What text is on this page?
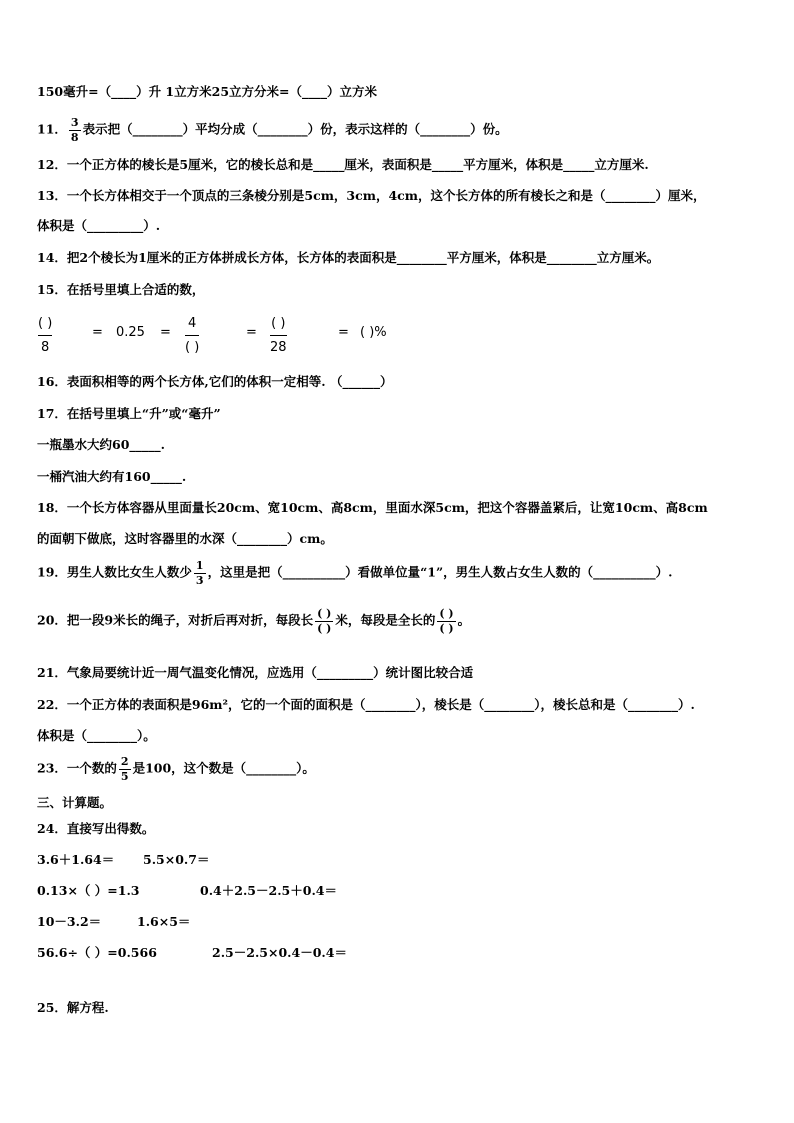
150毫升=（____）升 1立方米25立方分米=（____）立方米
11． $\frac{3}{8}$ 表示把（________）平均分成（________）份，表示这样的（________）份。
12．一个正方体的棱长是5厘米，它的棱长总和是_____厘米，表面积是_____平方厘米，体积是_____立方厘米.
13．一个长方体相交于一个顶点的三条棱分别是5cm，3cm，4cm，这个长方体的所有棱长之和是（________）厘米，
体积是（_________）.
14．把2个棱长为1厘米的正方体拼成长方体，长方体的表面积是________平方厘米，体积是________立方厘米。
15．在括号里填上合适的数，
( )
8
= 0.25 =
4
( )
=
( )
28
= ( )%
16．表面积相等的两个长方体,它们的体积一定相等. （______）
17．在括号里填上“升”或“毫升”
一瓶墨水大约60_____.
一桶汽油大约有160_____.
18．一个长方体容器从里面量长20cm、宽10cm、高8cm，里面水深5cm，把这个容器盖紧后，让宽10cm、高8cm
的面朝下做底，这时容器里的水深（________）cm。
19．男生人数比女生人数少 $\frac{1}{3}$ ，这里是把（__________）看做单位量“1”，男生人数占女生人数的（__________）.
20．把一段9米长的绳子，对折后再对折，每段长 $\frac{( )}{( )}$ 米，每段是全长的 $\frac{( )}{( )}$ 。
21．气象局要统计近一周气温变化情况，应选用（_________）统计图比较合适
22．一个正方体的表面积是96m²，它的一个面的面积是（________），棱长是（________），棱长总和是（________）.
体积是（________）。
23．一个数的 $\frac{2}{5}$ 是100，这个数是（________）。
三、计算题。
24．直接写出得数。
3.6＋1.64＝ 5.5×0.7＝
0.13×（ ）=1.3	0.4＋2.5－2.5＋0.4＝
10－3.2＝	1.6×5＝
56.6÷（ ）=0.566	2.5－2.5×0.4－0.4＝
25．解方程.
